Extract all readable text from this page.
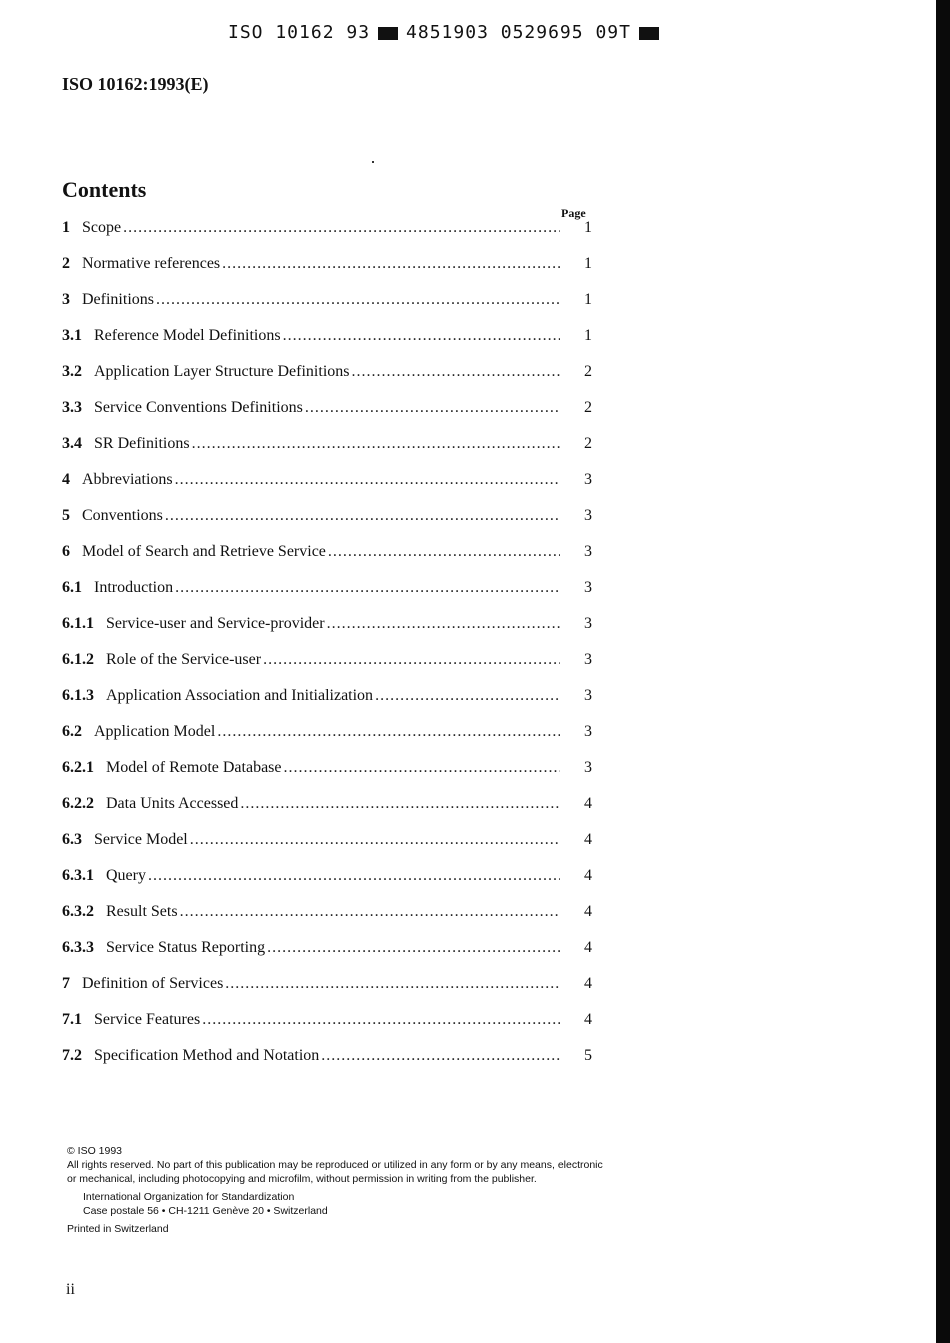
ISO 10162 93 4851903 0529695 09T
ISO 10162:1993(E)
Contents
Page
1 Scope .....	1
2 Normative references .....	1
3 Definitions .....	1
3.1 Reference Model Definitions .....	1
3.2 Application Layer Structure Definitions .....	2
3.3 Service Conventions Definitions .....	2
3.4 SR Definitions .....	2
4 Abbreviations .....	3
5 Conventions .....	3
6 Model of Search and Retrieve Service .....	3
6.1 Introduction .....	3
6.1.1 Service-user and Service-provider .....	3
6.1.2 Role of the Service-user .....	3
6.1.3 Application Association and Initialization .....	3
6.2 Application Model .....	3
6.2.1 Model of Remote Database .....	3
6.2.2 Data Units Accessed .....	4
6.3 Service Model .....	4
6.3.1 Query .....	4
6.3.2 Result Sets .....	4
6.3.3 Service Status Reporting .....	4
7 Definition of Services .....	4
7.1 Service Features .....	4
7.2 Specification Method and Notation .....	5
© ISO 1993
All rights reserved. No part of this publication may be reproduced or utilized in any form or by any means, electronic or mechanical, including photocopying and microfilm, without permission in writing from the publisher.
International Organization for Standardization
Case postale 56 • CH-1211 Genève 20 • Switzerland
Printed in Switzerland
ii
